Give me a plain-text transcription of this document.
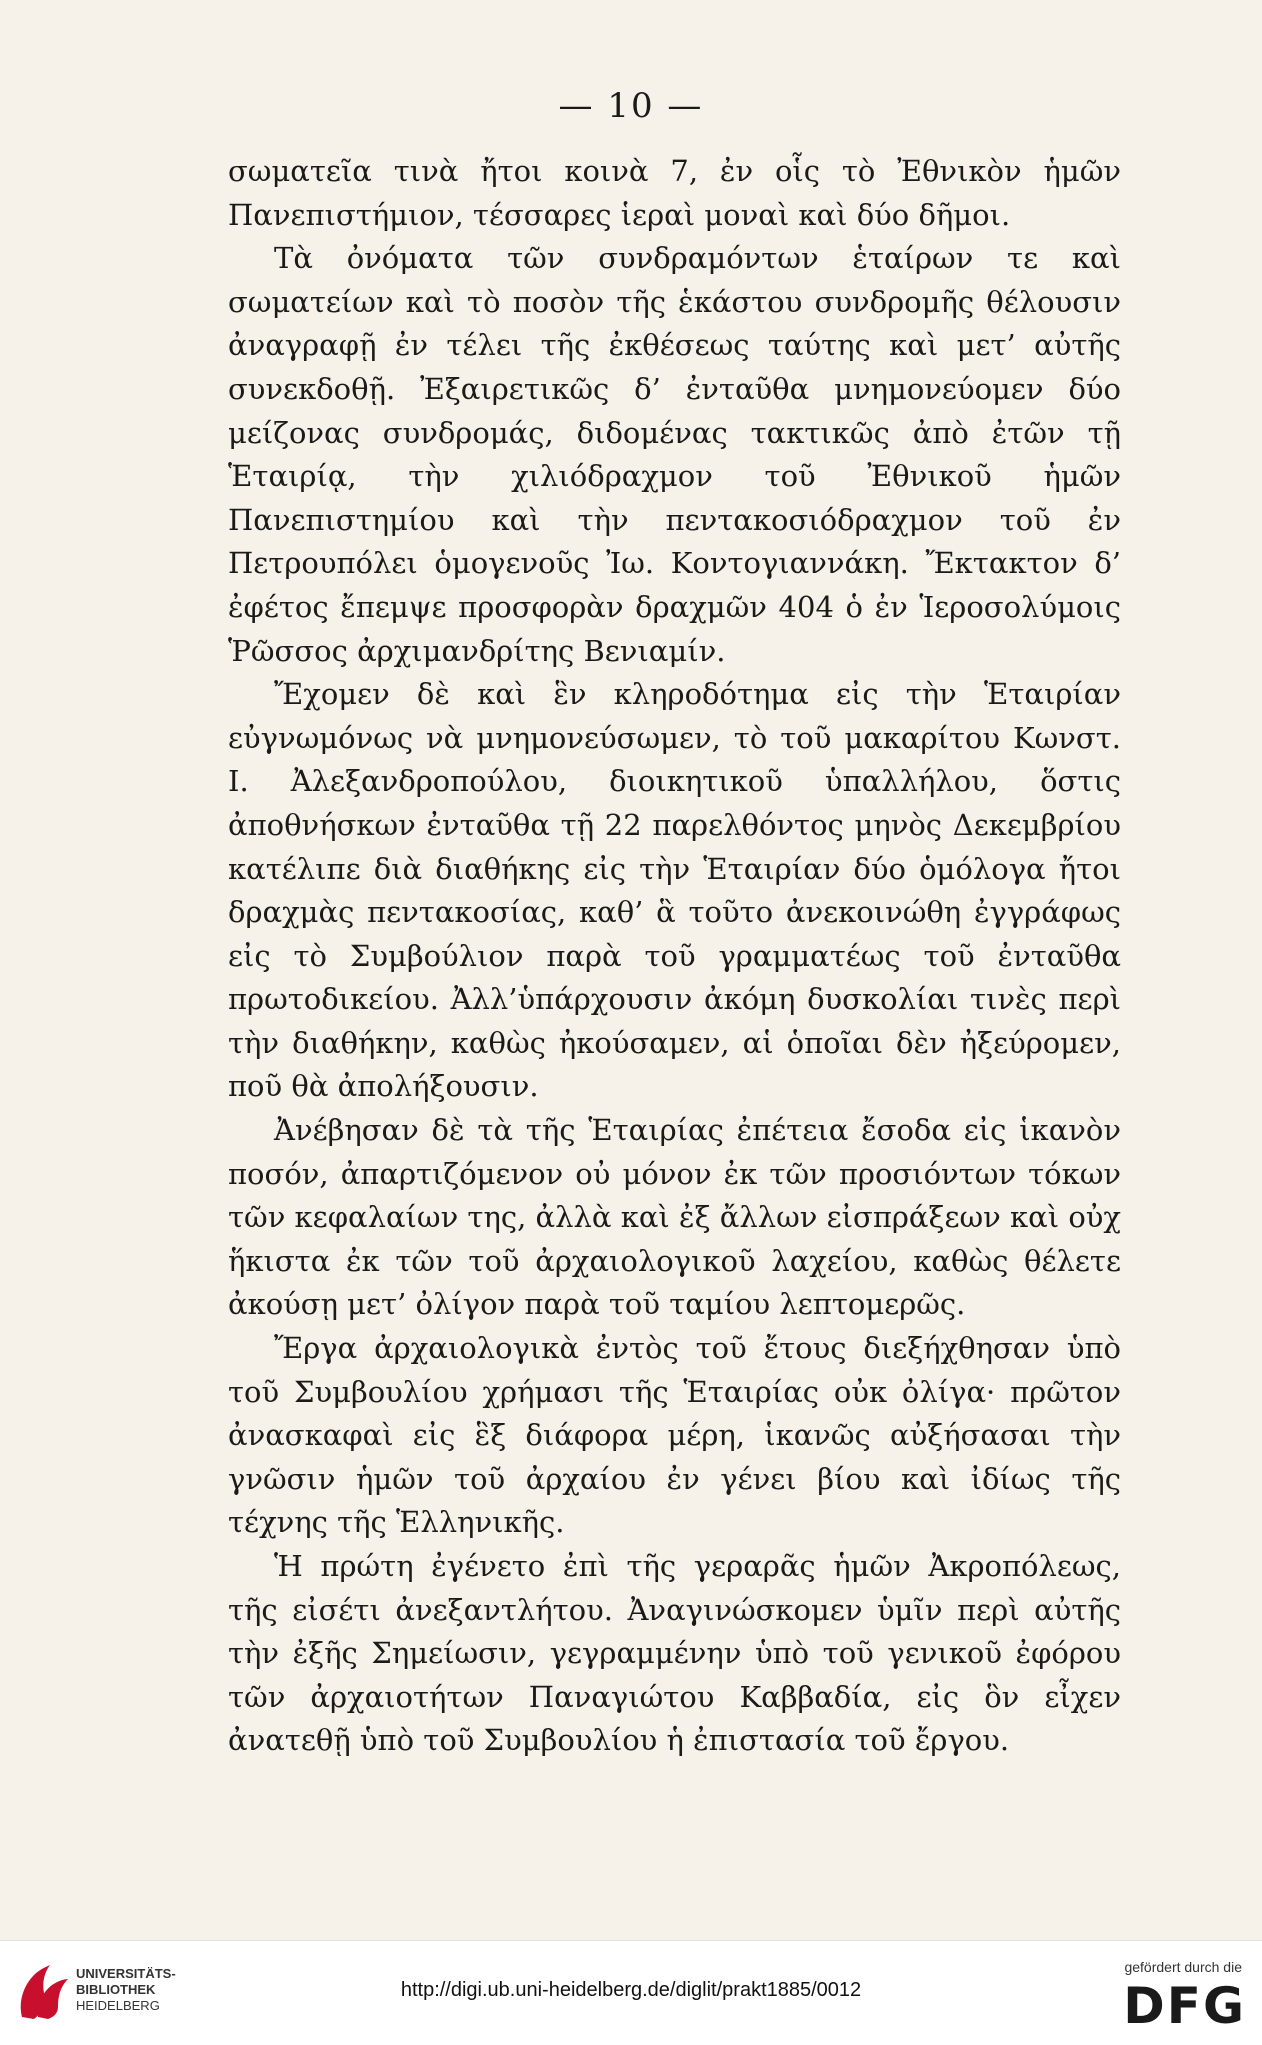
— 10 —

σωματεῖα τινὰ ἤτοι κοινὰ 7, ἐν οἷς τὸ Ἐθνικὸν ἡμῶν Πανεπιστήμιον, τέσσαρες ἱεραὶ μοναὶ καὶ δύο δῆμοι.

Τὰ ὀνόματα τῶν συνδραμόντων ἑταίρων τε καὶ σωματείων καὶ τὸ ποσὸν τῆς ἑκάστου συνδρομῆς θέλουσιν ἀναγραφῇ ἐν τέλει τῆς ἐκθέσεως ταύτης καὶ μετ’ αὐτῆς συνεκδοθῇ. Ἐξαιρετικῶς δ’ ἐνταῦθα μνημονεύομεν δύο μείζονας συνδρομάς, διδομένας τακτικῶς ἀπὸ ἐτῶν τῇ Ἑταιρίᾳ, τὴν χιλιόδραχμον τοῦ Ἐθνικοῦ ἡμῶν Πανεπιστημίου καὶ τὴν πεντακοσιόδραχμον τοῦ ἐν Πετρουπόλει ὁμογενοῦς Ἰω. Κοντογιαννάκη. Ἔκτακτον δ’ ἐφέτος ἔπεμψε προσφορὰν δραχμῶν 404 ὁ ἐν Ἱεροσολύμοις Ῥῶσσος ἀρχιμανδρίτης Βενιαμίν.

Ἔχομεν δὲ καὶ ἓν κληροδότημα εἰς τὴν Ἑταιρίαν εὐγνωμόνως νὰ μνημονεύσωμεν, τὸ τοῦ μακαρίτου Κωνστ. Ι. Ἀλεξανδροπούλου, διοικητικοῦ ὑπαλλήλου, ὅστις ἀποθνήσκων ἐνταῦθα τῇ 22 παρελθόντος μηνὸς Δεκεμβρίου κατέλιπε διὰ διαθήκης εἰς τὴν Ἑταιρίαν δύο ὁμόλογα ἤτοι δραχμὰς πεντακοσίας, καθ’ ἃ τοῦτο ἀνεκοινώθη ἐγγράφως εἰς τὸ Συμβούλιον παρὰ τοῦ γραμματέως τοῦ ἐνταῦθα πρωτοδικείου. Ἀλλ’ὑπάρχουσιν ἀκόμη δυσκολίαι τινὲς περὶ τὴν διαθήκην, καθὼς ἠκούσαμεν, αἱ ὁποῖαι δὲν ἠξεύρομεν, ποῦ θὰ ἀπολήξουσιν.

Ἀνέβησαν δὲ τὰ τῆς Ἑταιρίας ἐπέτεια ἔσοδα εἰς ἱκανὸν ποσόν, ἀπαρτιζόμενον οὐ μόνον ἐκ τῶν προσιόντων τόκων τῶν κεφαλαίων της, ἀλλὰ καὶ ἐξ ἄλλων εἰσπράξεων καὶ οὐχ ἥκιστα ἐκ τῶν τοῦ ἀρχαιολογικοῦ λαχείου, καθὼς θέλετε ἀκούσῃ μετ’ ὀλίγον παρὰ τοῦ ταμίου λεπτομερῶς.

Ἔργα ἀρχαιολογικὰ ἐντὸς τοῦ ἔτους διεξήχθησαν ὑπὸ τοῦ Συμβουλίου χρήμασι τῆς Ἑταιρίας οὐκ ὀλίγα· πρῶτον ἀνασκαφαὶ εἰς ἓξ διάφορα μέρη, ἱκανῶς αὐξήσασαι τὴν γνῶσιν ἡμῶν τοῦ ἀρχαίου ἐν γένει βίου καὶ ἰδίως τῆς τέχνης τῆς Ἑλληνικῆς.

Ἡ πρώτη ἐγένετο ἐπὶ τῆς γεραρᾶς ἡμῶν Ἀκροπόλεως, τῆς εἰσέτι ἀνεξαντλήτου. Ἀναγινώσκομεν ὑμῖν περὶ αὐτῆς τὴν ἐξῆς Σημείωσιν, γεγραμμένην ὑπὸ τοῦ γενικοῦ ἐφόρου τῶν ἀρχαιοτήτων Παναγιώτου Καββαδία, εἰς ὃν εἶχεν ἀνατεθῇ ὑπὸ τοῦ Συμβουλίου ἡ ἐπιστασία τοῦ ἔργου.

UNIVERSITÄTS-
BIBLIOTHEK
HEIDELBERG
http://digi.ub.uni-heidelberg.de/diglit/prakt1885/0012
gefördert durch die
DFG
